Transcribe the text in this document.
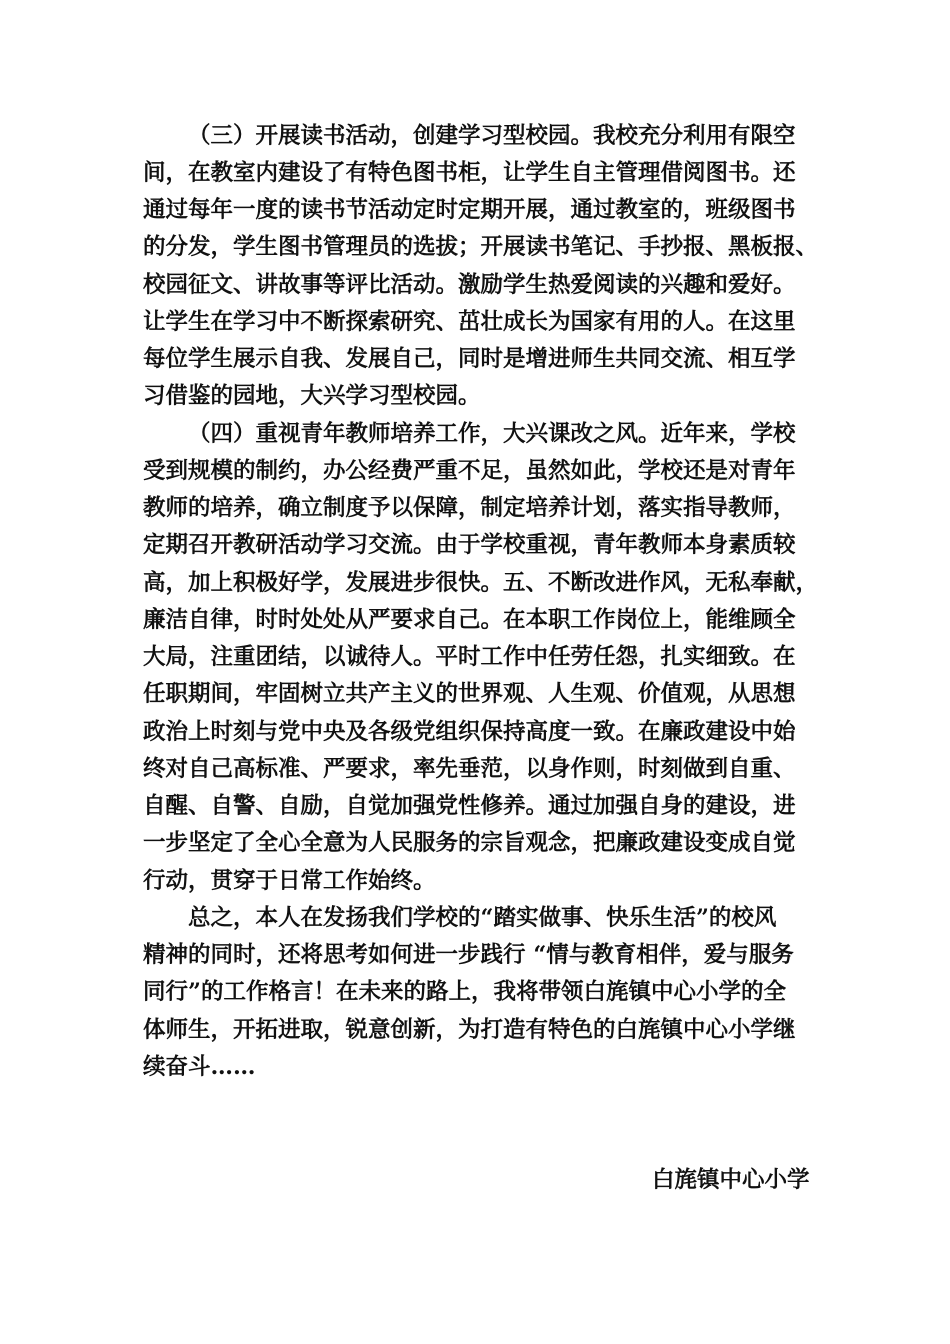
（三）开展读书活动，创建学习型校园。我校充分利用有限空
间，在教室内建设了有特色图书柜，让学生自主管理借阅图书。还
通过每年一度的读书节活动定时定期开展，通过教室的，班级图书
的分发，学生图书管理员的选拔；开展读书笔记、手抄报、黑板报、
校园征文、讲故事等评比活动。激励学生热爱阅读的兴趣和爱好。
让学生在学习中不断探索研究、茁壮成长为国家有用的人。在这里
每位学生展示自我、发展自己，同时是增进师生共同交流、相互学
习借鉴的园地，大兴学习型校园。
（四）重视青年教师培养工作，大兴课改之风。近年来，学校
受到规模的制约，办公经费严重不足，虽然如此，学校还是对青年
教师的培养，确立制度予以保障，制定培养计划，落实指导教师，
定期召开教研活动学习交流。由于学校重视，青年教师本身素质较
高，加上积极好学，发展进步很快。五、不断改进作风，无私奉献，
廉洁自律，时时处处从严要求自己。在本职工作岗位上，能维顾全
大局，注重团结，以诚待人。平时工作中任劳任怨，扎实细致。在
任职期间，牢固树立共产主义的世界观、人生观、价值观，从思想
政治上时刻与党中央及各级党组织保持高度一致。在廉政建设中始
终对自己高标准、严要求，率先垂范，以身作则，时刻做到自重、
自醒、自警、自励，自觉加强党性修养。通过加强自身的建设，进
一步坚定了全心全意为人民服务的宗旨观念，把廉政建设变成自觉
行动，贯穿于日常工作始终。
总之，本人在发扬我们学校的“踏实做事、快乐生活”的校风
精神的同时，还将思考如何进一步践行 “情与教育相伴，爱与服务
同行”的工作格言！在未来的路上，我将带领白旄镇中心小学的全
体师生，开拓进取，锐意创新，为打造有特色的白旄镇中心小学继
续奋斗……
白旄镇中心小学
